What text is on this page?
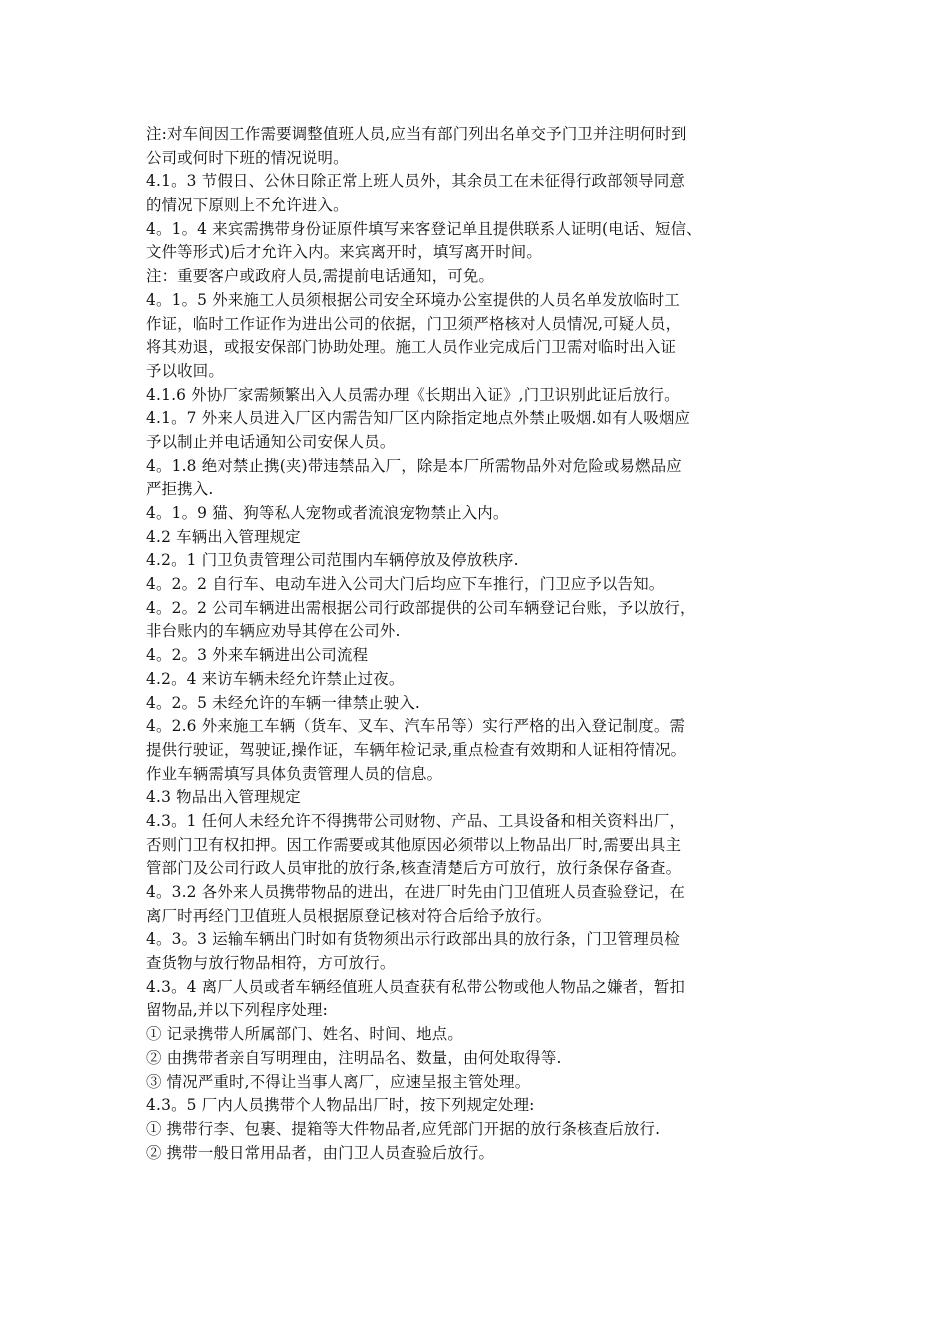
注:对车间因工作需要调整值班人员,应当有部门列出名单交予门卫并注明何时到
公司或何时下班的情况说明。
4.1。3 节假日、公休日除正常上班人员外，其余员工在未征得行政部领导同意
的情况下原则上不允许进入。
4。1。4 来宾需携带身份证原件填写来客登记单且提供联系人证明(电话、短信、
文件等形式)后才允许入内。来宾离开时，填写离开时间。
注：重要客户或政府人员,需提前电话通知，可免。
4。1。5 外来施工人员须根据公司安全环境办公室提供的人员名单发放临时工
作证，临时工作证作为进出公司的依据，门卫须严格核对人员情况,可疑人员，
将其劝退，或报安保部门协助处理。施工人员作业完成后门卫需对临时出入证
予以收回。
4.1.6 外协厂家需频繁出入人员需办理《长期出入证》,门卫识别此证后放行。
4.1。7 外来人员进入厂区内需告知厂区内除指定地点外禁止吸烟.如有人吸烟应
予以制止并电话通知公司安保人员。
4。1.8 绝对禁止携(夹)带违禁品入厂，除是本厂所需物品外对危险或易燃品应
严拒携入.
4。1。9 猫、狗等私人宠物或者流浪宠物禁止入内。
4.2 车辆出入管理规定
4.2。1 门卫负责管理公司范围内车辆停放及停放秩序.
4。2。2 自行车、电动车进入公司大门后均应下车推行，门卫应予以告知。
4。2。2 公司车辆进出需根据公司行政部提供的公司车辆登记台账，予以放行，
非台账内的车辆应劝导其停在公司外.
4。2。3 外来车辆进出公司流程
4.2。4 来访车辆未经允许禁止过夜。
4。2。5 未经允许的车辆一律禁止驶入.
4。2.6 外来施工车辆（货车、叉车、汽车吊等）实行严格的出入登记制度。需
提供行驶证，驾驶证,操作证，车辆年检记录,重点检查有效期和人证相符情况。
作业车辆需填写具体负责管理人员的信息。
4.3 物品出入管理规定
4.3。1 任何人未经允许不得携带公司财物、产品、工具设备和相关资料出厂，
否则门卫有权扣押。因工作需要或其他原因必须带以上物品出厂时,需要出具主
管部门及公司行政人员审批的放行条,核查清楚后方可放行，放行条保存备查。
4。3.2 各外来人员携带物品的进出，在进厂时先由门卫值班人员查验登记，在
离厂时再经门卫值班人员根据原登记核对符合后给予放行。
4。3。3 运输车辆出门时如有货物须出示行政部出具的放行条，门卫管理员检
查货物与放行物品相符，方可放行。
4.3。4 离厂人员或者车辆经值班人员查获有私带公物或他人物品之嫌者，暂扣
留物品,并以下列程序处理:
① 记录携带人所属部门、姓名、时间、地点。
② 由携带者亲自写明理由，注明品名、数量，由何处取得等.
③ 情况严重时,不得让当事人离厂，应速呈报主管处理。
4.3。5 厂内人员携带个人物品出厂时，按下列规定处理:
① 携带行李、包裹、提箱等大件物品者,应凭部门开据的放行条核查后放行.
② 携带一般日常用品者，由门卫人员查验后放行。
